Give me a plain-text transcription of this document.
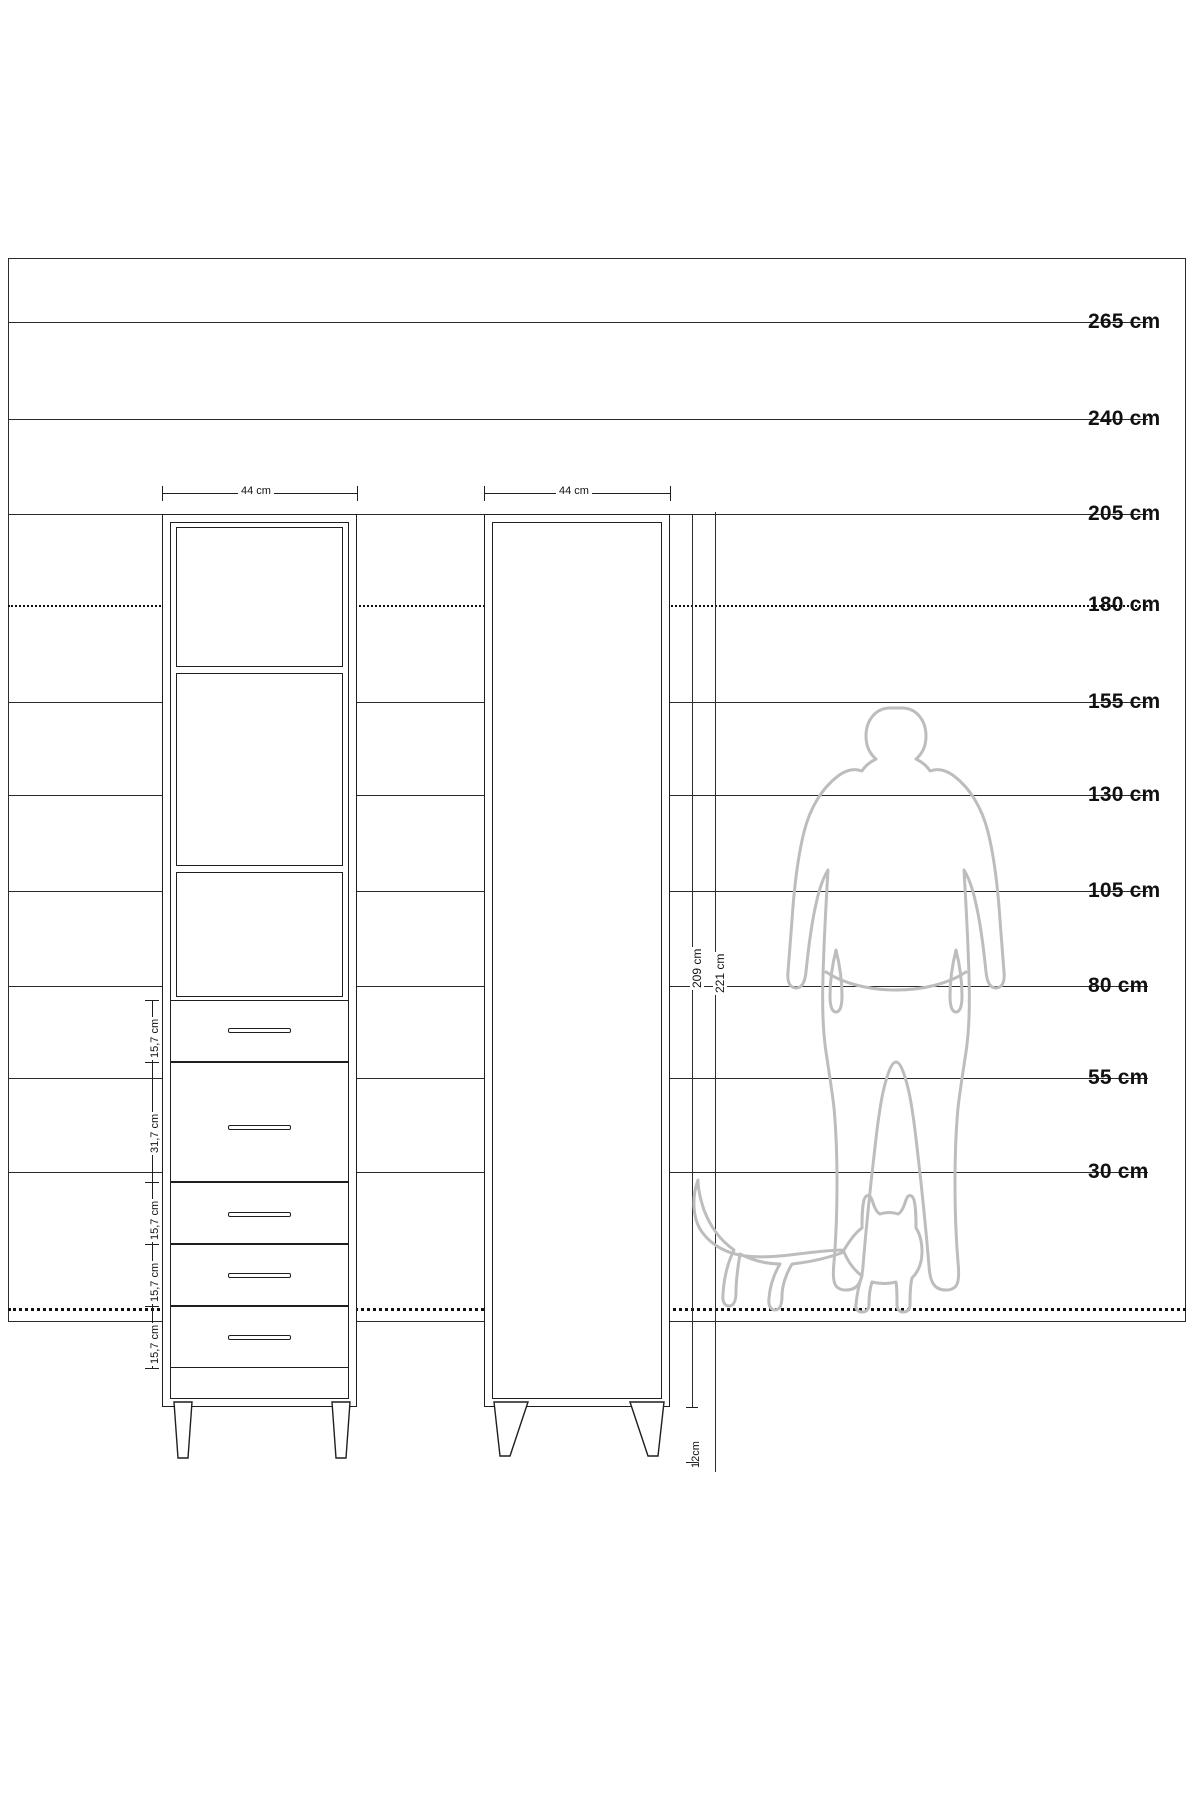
265 cm
240 cm
205 cm
180 cm
155 cm
130 cm
105 cm
80 cm
55 cm
30 cm
44 cm
15,7 cm
31,7 cm
15,7 cm
15,7 cm
15,7 cm
44 cm
209 cm 221 cm
12cm
